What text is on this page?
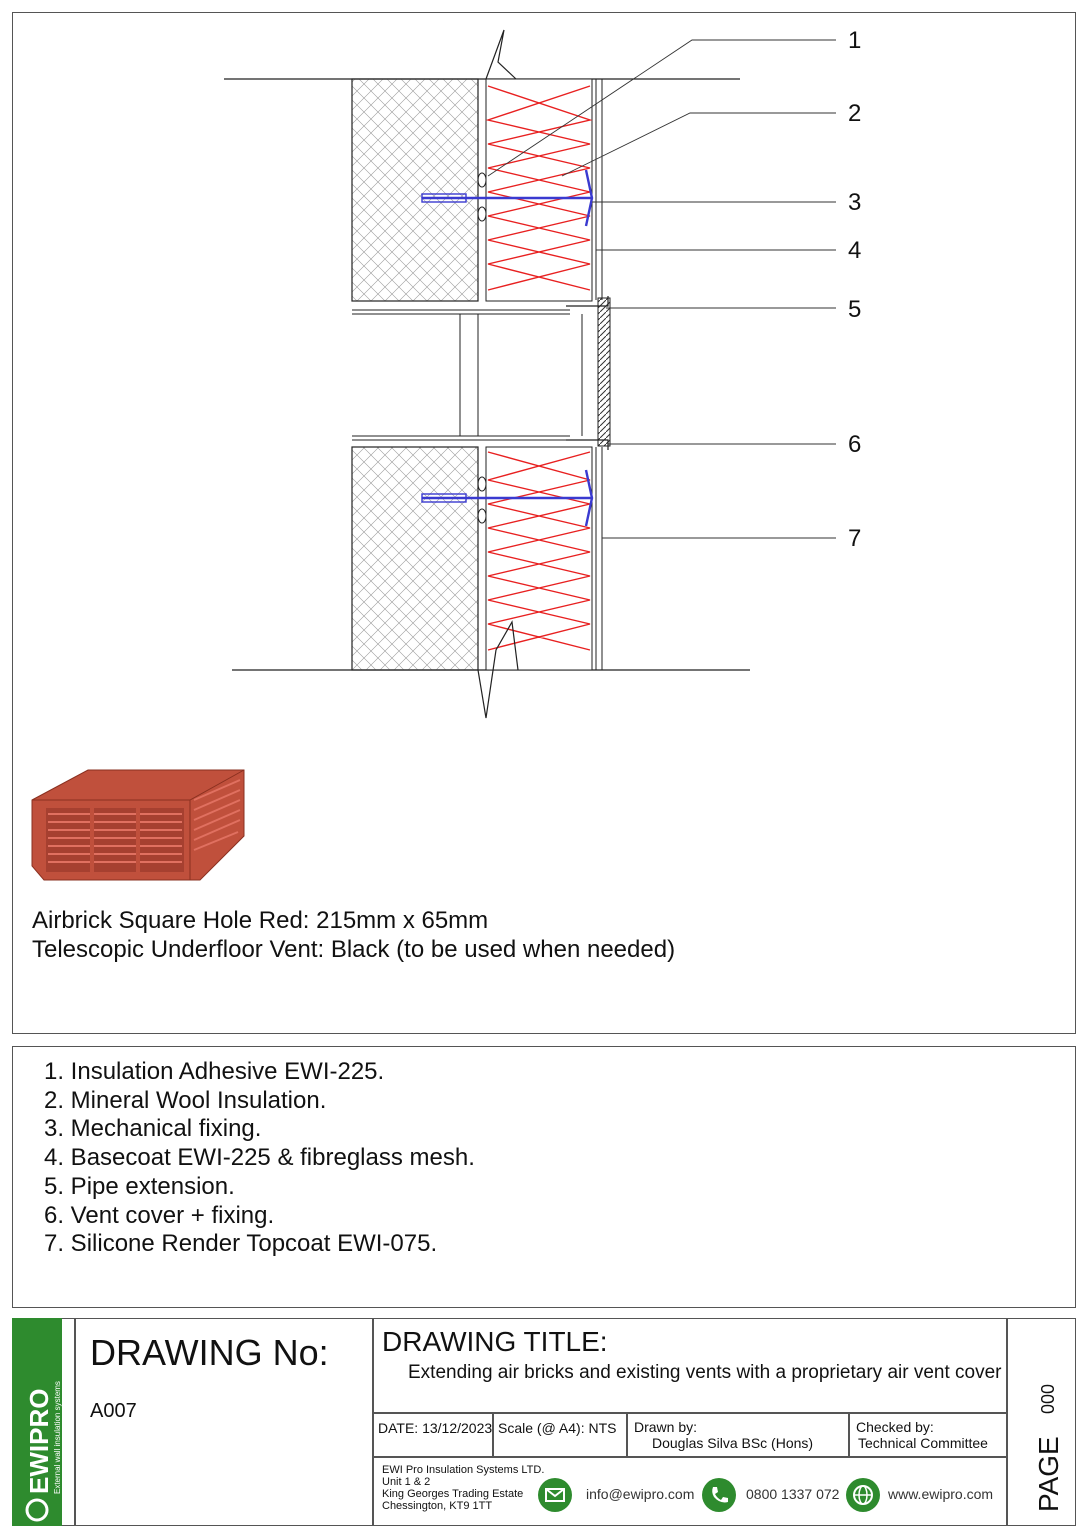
1
2
3
4
5
6
7
Airbrick Square Hole Red: 215mm x 65mm
Telescopic Underfloor Vent: Black (to be used when needed)
1. Insulation Adhesive EWI-225.
2. Mineral Wool Insulation.
3. Mechanical fixing.
4. Basecoat EWI-225 & fibreglass mesh.
5. Pipe extension.
6. Vent cover + fixing.
7. Silicone Render Topcoat EWI-075.
EWIPRO External wall insulation systems
DRAWING No:
A007
DRAWING TITLE:
Extending air bricks and existing vents with a proprietary air vent cover
DATE: 13/12/2023 Scale (@ A4): NTS Drawn by:
Douglas Silva BSc (Hons)
Checked by:
Technical Committee
EWI Pro Insulation Systems LTD.
Unit 1 & 2
King Georges Trading Estate
Chessington, KT9 1TT
info@ewipro.com	0800 1337 072	www.ewipro.com PAGE
000
